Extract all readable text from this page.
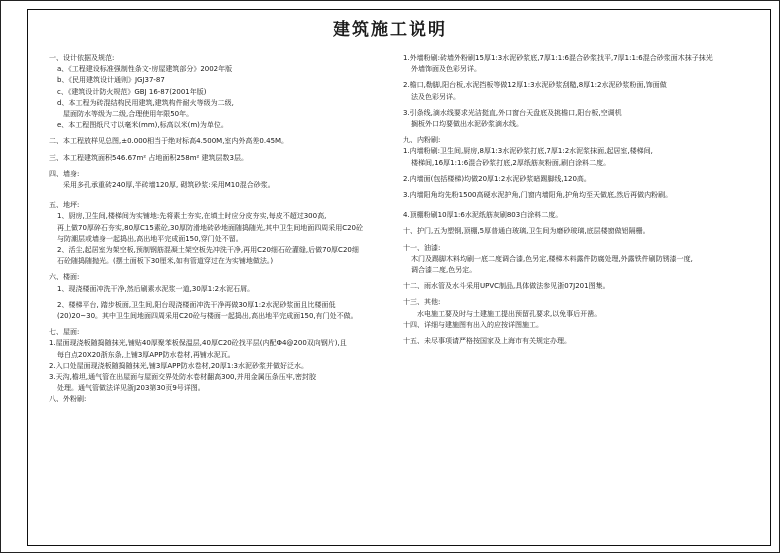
建筑施工说明
一、设计依据及规范:
a、《工程建设标准强制性条文-房屋建筑部分》2002年版
b、《民用建筑设计通则》JGJ37-87
c、《建筑设计防火规范》GBJ 16-87(2001年版)
d、本工程为砖混结构民用建筑,建筑构件耐火等级为二级,
屋面防水等级为二级,合理使用年限50年。
e、本工程图纸尺寸以毫米(mm),标高以米(m)为单位。
二、本工程放样见总图,±0.000相当于绝对标高4.500M,室内外高差0.45M。
三、本工程建筑面积546.67m² 占地面积258m² 建筑层数3层。
四、墙身:
采用多孔承重砖240厚,半砖墙120厚, 砌筑砂浆:采用M10混合砂浆。
五、地坪:
1、厨房,卫生间,楼梯间为实铺地:先将素土夯实,在填土时应分皮夯实,每皮不超过300高,
再上做70厚碎石夯实,80厚C15素砼,30厚防滑地砖砂地面随捣随光,其中卫生间地面四周采用C20砼
与防潮层或墙身一起捣出,高出地平完成面150,穿门处不留。
2、活尘,起居室为架空板,预制钢筋混凝土架空板先冲洗干净,再用C20细石砼灌缝,后做70厚C20细
石砼随捣随抛光。(摆土面板下30厘米,如有管道穿过在为实铺地做法。)
六、楼面:
1、现浇楼面冲洗干净,然后刷素水泥浆一道,30厚1:2水泥石屑。
2、楼梯平台, 踏步板面,卫生间,阳台现浇楼面冲洗干净再做30厚1:2水泥砂浆面且比楼面低
(20)20~30。其中卫生间地面四周采用C20砼与楼面一起捣出,高出地平完成面150,有门处不做。
七、屋面:
1.屋面现浇板随捣随抹光,铺贴40厚聚苯板保温层,40厚C20砼找平层(内配Φ4@200双向钢片),且
每白点20X20浙东条,上铺3厚APP防水卷材,再铺水泥瓦。
2.入口处屋面现浇板随捣随抹光,铺3厚APP防水卷材,20厚1:3水泥砂浆并做好泛水。
3.天沟,檐坦,通气管在出屋面与屋面交界处防水卷材翻高300,并用金属压条压牢,密封胶
处理。通气管做法详见浙J203第30页9号详图。
八、外粉刷:
1.外墙粉刷:砖墙外粉刷15厚1:3水泥砂浆底,7厚1:1:6混合砂浆找平,7厚1:1:6混合砂浆面木抹子抹光
外墙饰面及色彩另详。
2.檐口,勒脚,阳台板,水泥挡板等做12厚1:3水泥砂浆刮糙,8厚1:2水泥砂浆粉面,饰面做
法及色彩另详。
3.引条线,滴水线要求光洁挺直,外口窗台天盘底及挑檐口,阳台板,空调机
搁板外口均要做出水泥砂浆滴水线。
九、内粉刷:
1.内墙粉刷:卫生间,厨房,8厚1:3水泥砂浆打底,7厚1:2水泥浆抹面,起居室,楼梯间,
楼梯间,16厚1:1:6混合砂浆打底,2厚纸筋灰粉面,刷白涂料二度。
2.内墙面(包括楼梯)均做20厚1:2水泥砂浆暗踢脚线,120高。
3.内墙阳角均先粉1500高硬水泥护角,门窗内墙阳角,护角均至天做底,然后再做内粉刷。
4.顶棚粉刷10厚1:6水泥纸筋灰刷803白涂料二度。
十、护门,五为塑钢,顶棚,5厚普通白玻璃,卫生间为磨砂玻璃,底层楼窗做铝隔栅。
十一、油漆:
木门及踢脚木料均刷一底二度调合漆,色另定,楼梯木料露件防腐处理,外露铁件刷防锈漆一度,
调合漆二度,色另定。
十二、雨水管及水斗采用UPVC制品,具体做法参见浙07J201图集。
十三、其他:
水电施工要及时与土建施工提出预留孔要求,以免事后开凿。
十四、详细与建施图有出入的应按详图施工。
十五、未尽事项请严格按国家及上海市有关规定办理。
